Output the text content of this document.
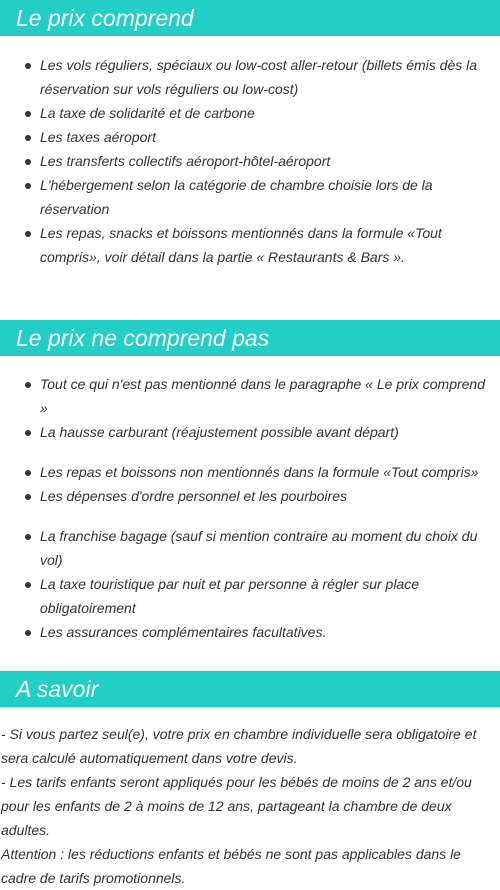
Le prix comprend
Les vols réguliers, spéciaux ou low-cost aller-retour (billets émis dès la réservation sur vols réguliers ou low-cost)
La taxe de solidarité et de carbone
Les taxes aéroport
Les transferts collectifs aéroport-hôtel-aéroport
L'hébergement selon la catégorie de chambre choisie lors de la réservation
Les repas, snacks et boissons mentionnés dans la formule «Tout compris», voir détail dans la partie « Restaurants & Bars ».
Le prix ne comprend pas
Tout ce qui n'est pas mentionné dans le paragraphe « Le prix comprend »
La hausse carburant (réajustement possible avant départ)
Les repas et boissons non mentionnés dans la formule «Tout compris»
Les dépenses d'ordre personnel et les pourboires
La franchise bagage (sauf si mention contraire au moment du choix du vol)
La taxe touristique par nuit et par personne à régler sur place obligatoirement
Les assurances complémentaires facultatives.
A savoir
- Si vous partez seul(e), votre prix en chambre individuelle sera obligatoire et sera calculé automatiquement dans votre devis.
- Les tarifs enfants seront appliqués pour les bébés de moins de 2 ans et/ou pour les enfants de 2 à moins de 12 ans, partageant la chambre de deux adultes.
Attention : les réductions enfants et bébés ne sont pas applicables dans le cadre de tarifs promotionnels.
